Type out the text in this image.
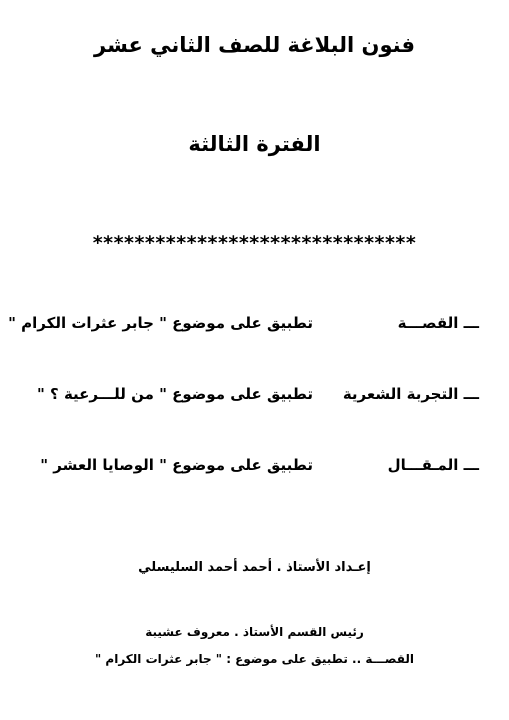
فنون البلاغة للصف الثاني عشر
الفترة الثالثة
*******************************
ـــ القصـــة
تطبيق على موضوع " جابر عثرات الكرام "
ـــ التجربة الشعرية
تطبيق على موضوع " من للـــرعية ؟ "
ـــ المـقـــال
تطبيق على موضوع " الوصايا العشر "
إعـداد الأستاذ . أحمد أحمد السليسلي
رئيس القسم الأستاذ . معروف عشيبة
القصـــة .. تطبيق على موضوع : " جابر عثرات الكرام "
